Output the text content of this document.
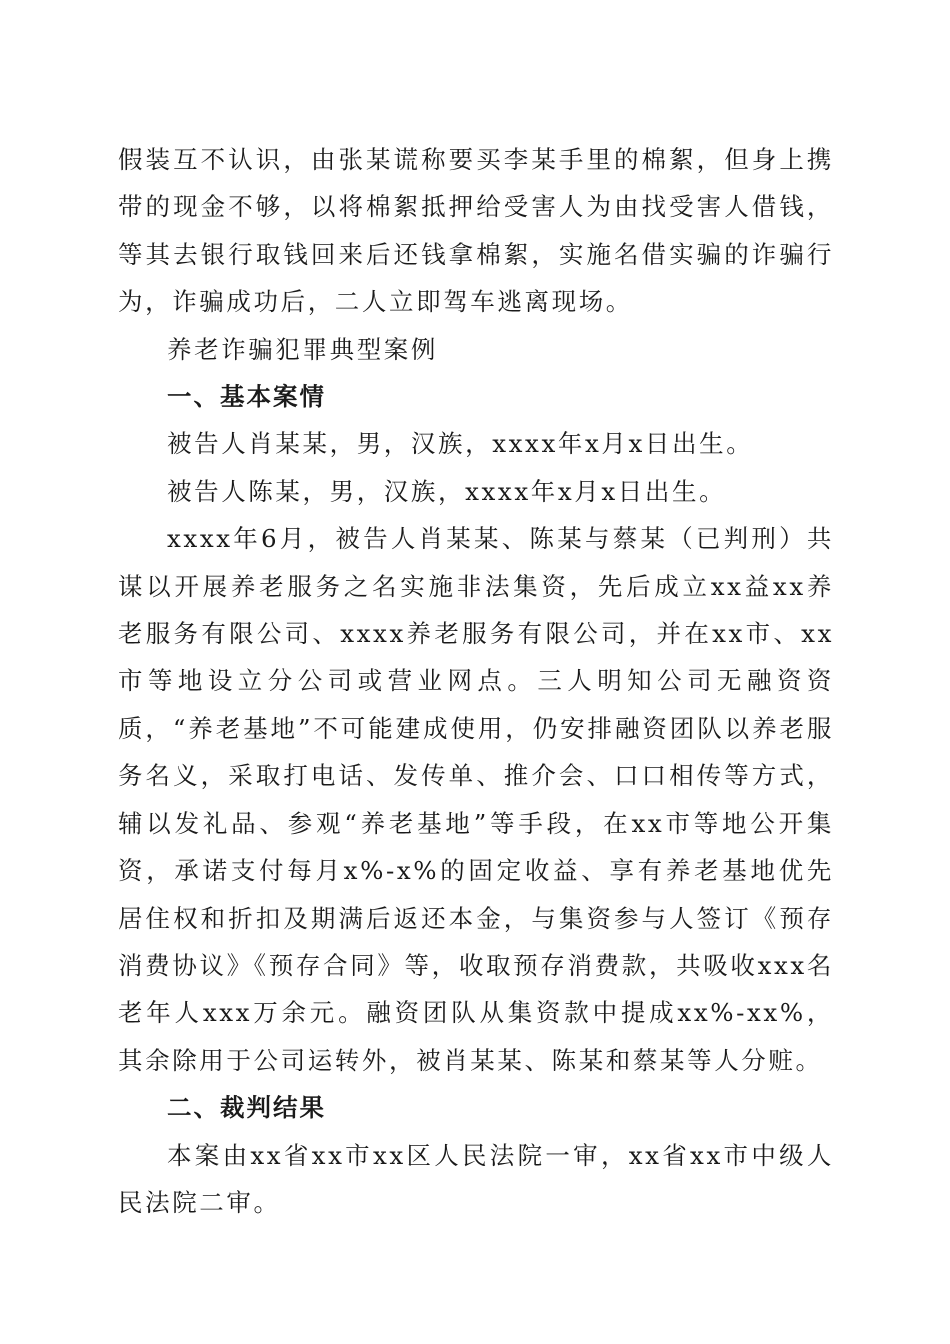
假装互不认识，由张某谎称要买李某手里的棉絮，但身上携带的现金不够，以将棉絮抵押给受害人为由找受害人借钱，等其去银行取钱回来后还钱拿棉絮，实施名借实骗的诈骗行为，诈骗成功后，二人立即驾车逃离现场。

养老诈骗犯罪典型案例

一、基本案情

被告人肖某某，男，汉族，xxxx年x月x日出生。

被告人陈某，男，汉族，xxxx年x月x日出生。

xxxx年6月，被告人肖某某、陈某与蔡某（已判刑）共谋以开展养老服务之名实施非法集资，先后成立xx益xx养老服务有限公司、xxxx养老服务有限公司，并在xx市、xx市等地设立分公司或营业网点。三人明知公司无融资资质，“养老基地”不可能建成使用，仍安排融资团队以养老服务名义，采取打电话、发传单、推介会、口口相传等方式，辅以发礼品、参观“养老基地”等手段，在xx市等地公开集资，承诺支付每月x%-x%的固定收益、享有养老基地优先居住权和折扣及期满后返还本金，与集资参与人签订《预存消费协议》《预存合同》等，收取预存消费款，共吸收xxx名老年人xxx万余元。融资团队从集资款中提成xx%-xx%，其余除用于公司运转外，被肖某某、陈某和蔡某等人分赃。

二、裁判结果

本案由xx省xx市xx区人民法院一审，xx省xx市中级人民法院二审。
